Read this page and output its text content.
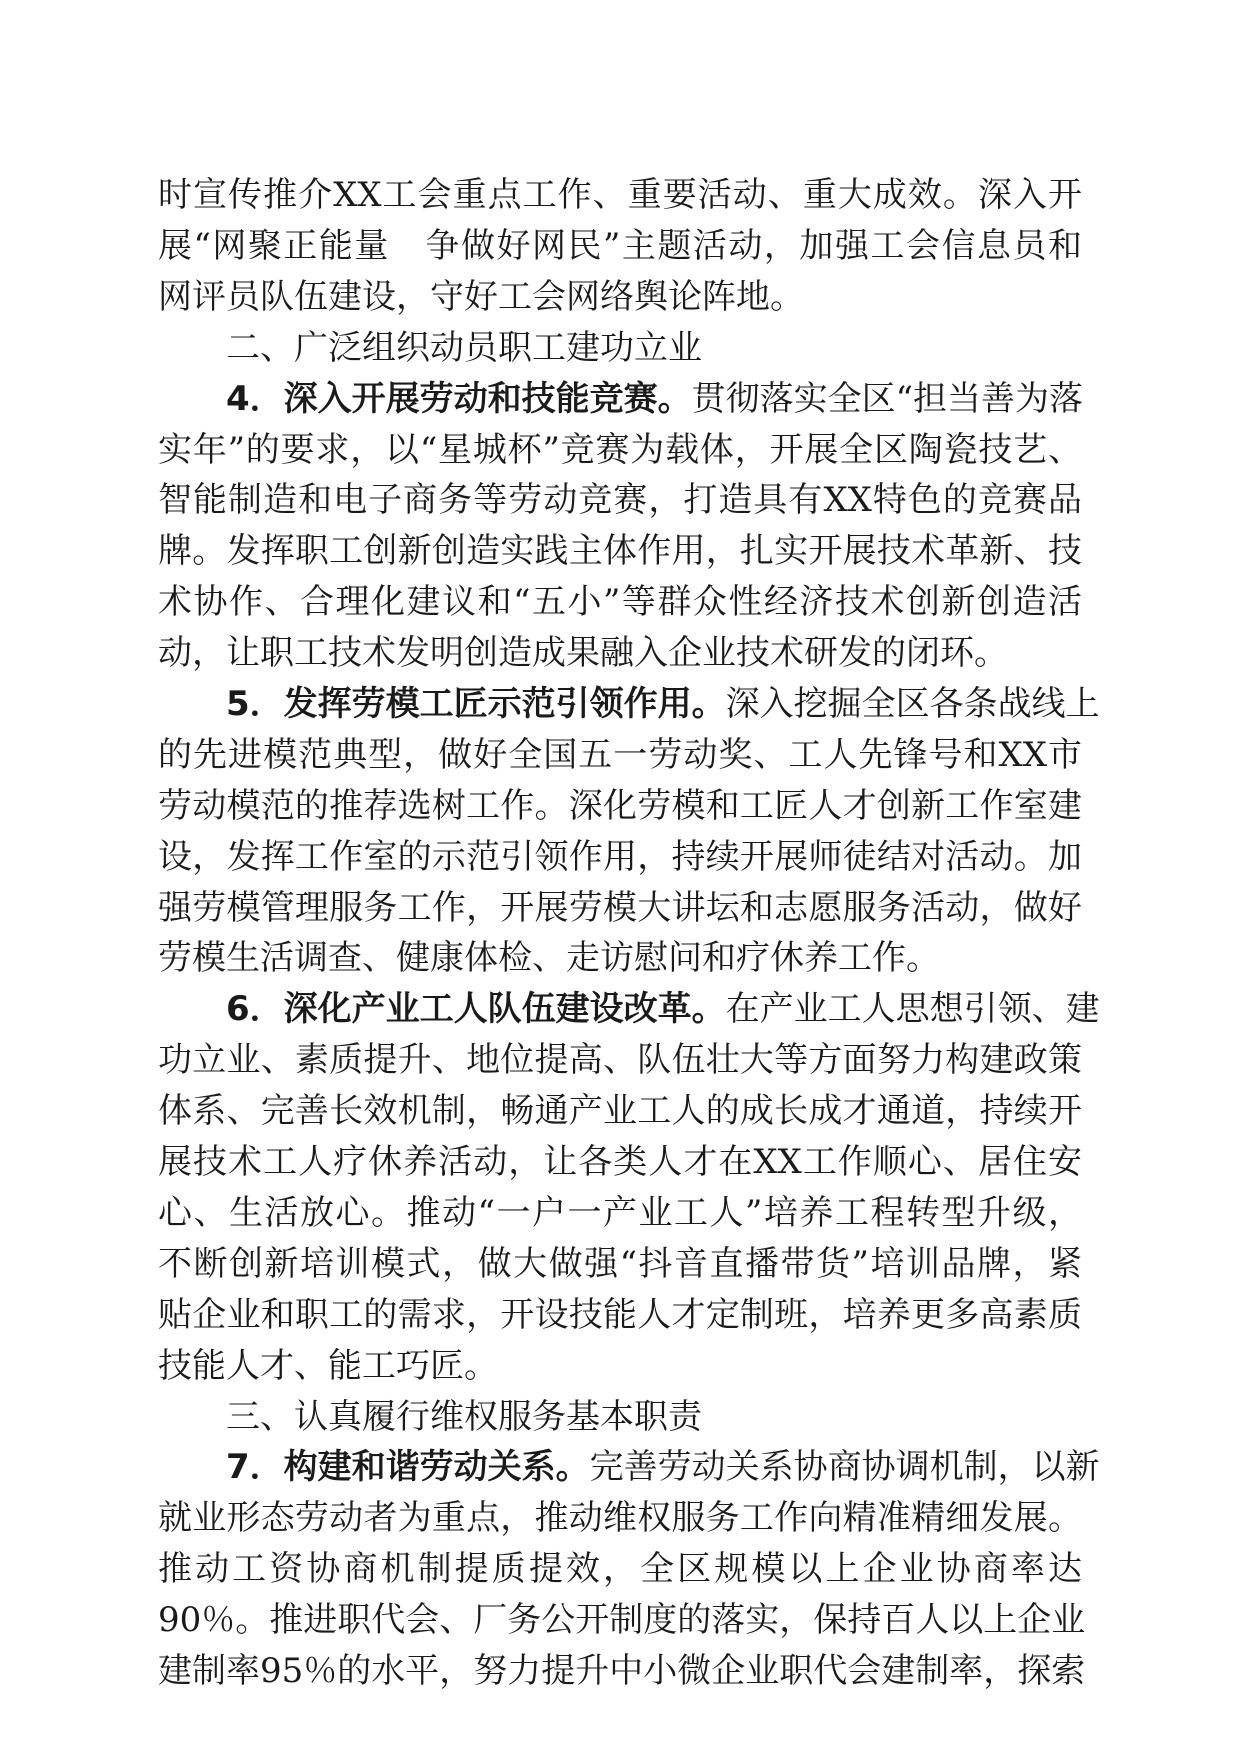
时宣传推介XX工会重点工作、重要活动、重大成效。深入开
展“网聚正能量　争做好网民”主题活动，加强工会信息员和
网评员队伍建设，守好工会网络舆论阵地。
二、广泛组织动员职工建功立业
4．深入开展劳动和技能竞赛。贯彻落实全区“担当善为落
实年”的要求，以“星城杯”竞赛为载体，开展全区陶瓷技艺、
智能制造和电子商务等劳动竞赛，打造具有XX特色的竞赛品
牌。发挥职工创新创造实践主体作用，扎实开展技术革新、技
术协作、合理化建议和“五小”等群众性经济技术创新创造活
动，让职工技术发明创造成果融入企业技术研发的闭环。
5．发挥劳模工匠示范引领作用。深入挖掘全区各条战线上
的先进模范典型，做好全国五一劳动奖、工人先锋号和XX市
劳动模范的推荐选树工作。深化劳模和工匠人才创新工作室建
设，发挥工作室的示范引领作用，持续开展师徒结对活动。加
强劳模管理服务工作，开展劳模大讲坛和志愿服务活动，做好
劳模生活调查、健康体检、走访慰问和疗休养工作。
6．深化产业工人队伍建设改革。在产业工人思想引领、建
功立业、素质提升、地位提高、队伍壮大等方面努力构建政策
体系、完善长效机制，畅通产业工人的成长成才通道，持续开
展技术工人疗休养活动，让各类人才在XX工作顺心、居住安
心、生活放心。推动“一户一产业工人”培养工程转型升级，
不断创新培训模式，做大做强“抖音直播带货”培训品牌，紧
贴企业和职工的需求，开设技能人才定制班，培养更多高素质
技能人才、能工巧匠。
三、认真履行维权服务基本职责
7．构建和谐劳动关系。完善劳动关系协商协调机制，以新
就业形态劳动者为重点，推动维权服务工作向精准精细发展。
推动工资协商机制提质提效，全区规模以上企业协商率达
90％。推进职代会、厂务公开制度的落实，保持百人以上企业
建制率95％的水平，努力提升中小微企业职代会建制率，探索
